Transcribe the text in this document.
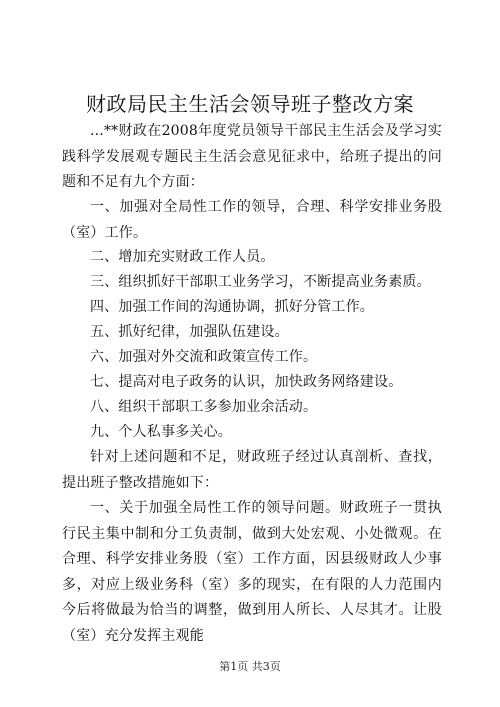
财政局民主生活会领导班子整改方案

...**财政在2008年度党员领导干部民主生活会及学习实践科学发展观专题民主生活会意见征求中，给班子提出的问题和不足有九个方面：

一、加强对全局性工作的领导，合理、科学安排业务股（室）工作。

二、增加充实财政工作人员。

三、组织抓好干部职工业务学习，不断提高业务素质。

四、加强工作间的沟通协调，抓好分管工作。

五、抓好纪律，加强队伍建设。

六、加强对外交流和政策宣传工作。

七、提高对电子政务的认识，加快政务网络建设。

八、组织干部职工多参加业余活动。

九、个人私事多关心。

针对上述问题和不足，财政班子经过认真剖析、查找，提出班子整改措施如下：

一、关于加强全局性工作的领导问题。财政班子一贯执行民主集中制和分工负责制，做到大处宏观、小处微观。在合理、科学安排业务股（室）工作方面，因县级财政人少事多，对应上级业务科（室）多的现实，在有限的人力范围内今后将做最为恰当的调整，做到用人所长、人尽其才。让股（室）充分发挥主观能

第1页 共3页
